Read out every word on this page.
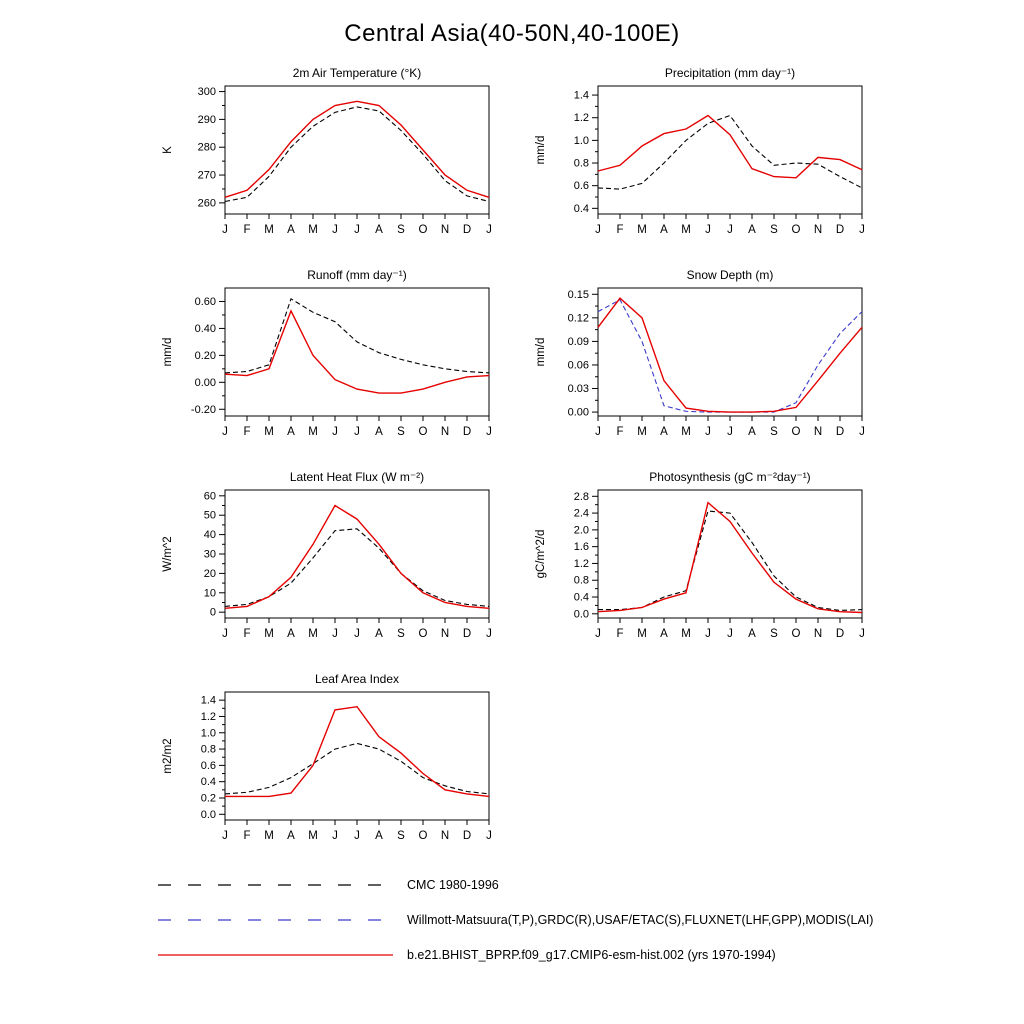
Central Asia(40-50N,40-100E)
2m Air Temperature (°K)
K
260
270
280
290
300
J F M A M J J A S O N D J
Precipitation (mm day⁻¹)
mm/d
0.4
0.6
0.8
1.0
1.2
1.4
J F M A M J J A S O N D J
Runoff (mm day⁻¹)
mm/d
-0.20
0.00
0.20
0.40
0.60
J F M A M J J A S O N D J
Snow Depth (m)
mm/d
0.00
0.03
0.06
0.09
0.12
0.15
J F M A M J J A S O N D J
Latent Heat Flux (W m⁻²)
W/m^2
0
10
20
30
40
50
60
J F M A M J J A S O N D J
Photosynthesis (gC m⁻²day⁻¹)
gC/m^2/d
0.0
0.4
0.8
1.2
1.6
2.0
2.4
2.8
J F M A M J J A S O N D J
Leaf Area Index
m2/m2
0.0
0.2
0.4
0.6
0.8
1.0
1.2
1.4
J F M A M J J A S O N D J
CMC 1980-1996
Willmott-Matsuura(T,P),GRDC(R),USAF/ETAC(S),FLUXNET(LHF,GPP),MODIS(LAI)
b.e21.BHIST_BPRP.f09_g17.CMIP6-esm-hist.002 (yrs 1970-1994)
